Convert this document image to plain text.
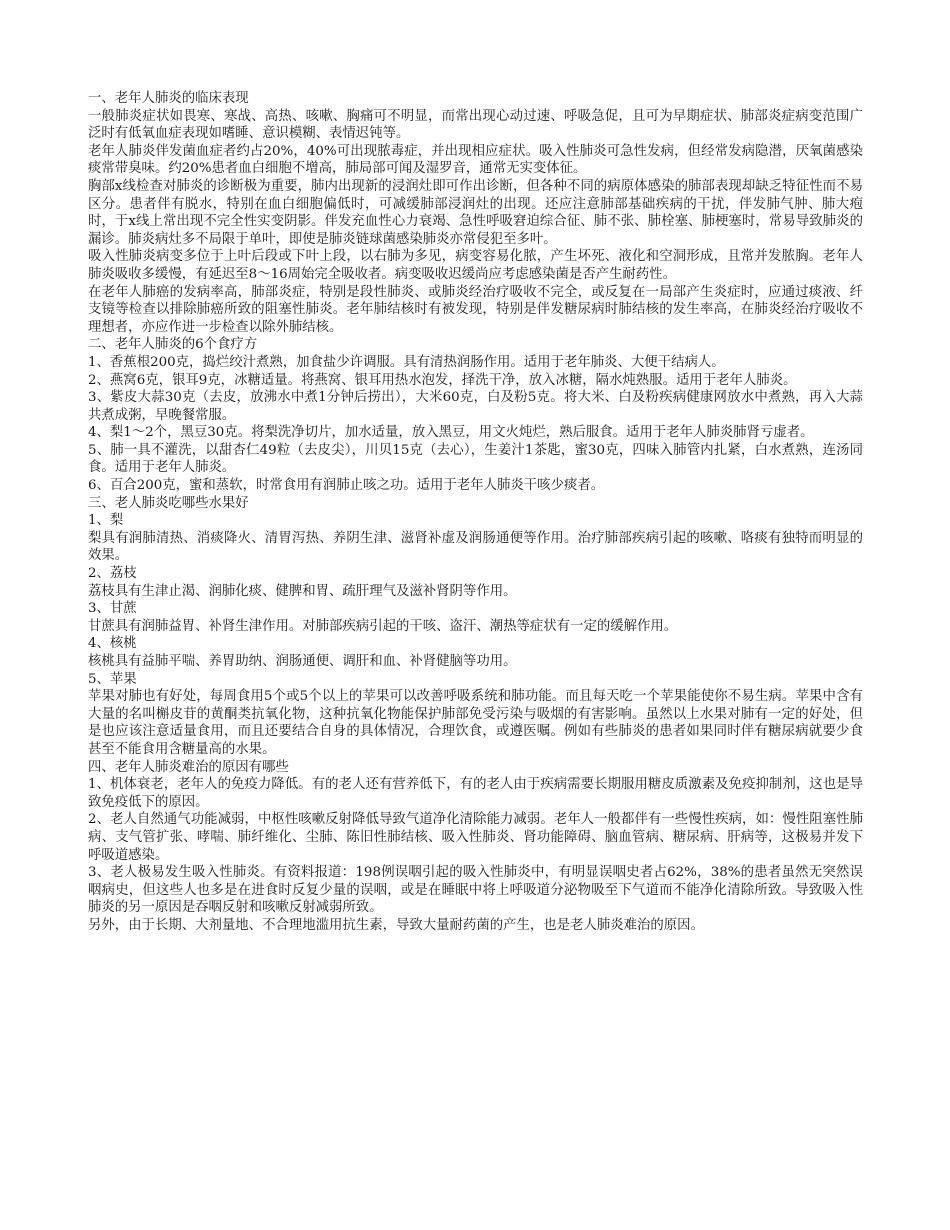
一、老年人肺炎的临床表现

一般肺炎症状如畏寒、寒战、高热、咳嗽、胸痛可不明显，而常出现心动过速、呼吸急促，且可为早期症状、肺部炎症病变范围广泛时有低氧血症表现如嗜睡、意识模糊、表情迟钝等。

老年人肺炎伴发菌血症者约占20%，40%可出现脓毒症，并出现相应症状。吸入性肺炎可急性发病，但经常发病隐潜，厌氧菌感染痰常带臭味。约20%患者血白细胞不增高，肺局部可闻及湿罗音，通常无实变体征。

胸部x线检查对肺炎的诊断极为重要，肺内出现新的浸润灶即可作出诊断，但各种不同的病原体感染的肺部表现却缺乏特征性而不易区分。患者伴有脱水，特别在血白细胞偏低时，可减缓肺部浸润灶的出现。还应注意肺部基础疾病的干扰，伴发肺气肿、肺大疱时，于x线上常出现不完全性实变阴影。伴发充血性心力衰竭、急性呼吸窘迫综合征、肺不张、肺栓塞、肺梗塞时，常易导致肺炎的漏诊。肺炎病灶多不局限于单叶，即使是肺炎链球菌感染肺炎亦常侵犯至多叶。

吸入性肺炎病变多位于上叶后段或下叶上段，以右肺为多见，病变容易化脓，产生坏死、液化和空洞形成，且常并发脓胸。老年人肺炎吸收多缓慢，有延迟至8～16周始完全吸收者。病变吸收迟缓尚应考虑感染菌是否产生耐药性。

在老年人肺癌的发病率高，肺部炎症，特别是段性肺炎、或肺炎经治疗吸收不完全，或反复在一局部产生炎症时，应通过痰液、纤支镜等检查以排除肺癌所致的阻塞性肺炎。老年肺结核时有被发现，特别是伴发糖尿病时肺结核的发生率高，在肺炎经治疗吸收不理想者，亦应作进一步检查以除外肺结核。

二、老年人肺炎的6个食疗方

1、香蕉根200克，捣烂绞汁煮熟，加食盐少许调服。具有清热润肠作用。适用于老年肺炎、大便干结病人。

2、燕窝6克，银耳9克，冰糖适量。将燕窝、银耳用热水泡发，择洗干净，放入冰糖，隔水炖熟服。适用于老年人肺炎。

3、紫皮大蒜30克（去皮，放沸水中煮1分钟后捞出），大米60克，白及粉5克。将大米、白及粉疾病健康网放水中煮熟，再入大蒜共煮成粥，早晚餐常服。

4、梨1～2个，黑豆30克。将梨洗净切片，加水适量，放入黑豆，用文火炖烂，熟后服食。适用于老年人肺炎肺肾亏虚者。

5、肺一具不灌洗，以甜杏仁49粒（去皮尖），川贝15克（去心），生姜汁1茶匙，蜜30克，四味入肺管内扎紧，白水煮熟，连汤同食。适用于老年人肺炎。

6、百合200克，蜜和蒸软，时常食用有润肺止咳之功。适用于老年人肺炎干咳少痰者。

三、老人肺炎吃哪些水果好

1、梨

梨具有润肺清热、消痰降火、清胃泻热、养阴生津、滋肾补虚及润肠通便等作用。治疗肺部疾病引起的咳嗽、咯痰有独特而明显的效果。

2、荔枝

荔枝具有生津止渴、润肺化痰、健脾和胃、疏肝理气及滋补肾阴等作用。

3、甘蔗

甘蔗具有润肺益胃、补肾生津作用。对肺部疾病引起的干咳、盗汗、潮热等症状有一定的缓解作用。

4、核桃

核桃具有益肺平喘、养胃助纳、润肠通便、调肝和血、补肾健脑等功用。

5、苹果

苹果对肺也有好处，每周食用5个或5个以上的苹果可以改善呼吸系统和肺功能。而且每天吃一个苹果能使你不易生病。苹果中含有大量的名叫槲皮苷的黄酮类抗氧化物，这种抗氧化物能保护肺部免受污染与吸烟的有害影响。虽然以上水果对肺有一定的好处，但是也应该注意适量食用，而且还要结合自身的具体情况，合理饮食，或遵医嘱。例如有些肺炎的患者如果同时伴有糖尿病就要少食甚至不能食用含糖量高的水果。

四、老年人肺炎难治的原因有哪些

1、机体衰老，老年人的免疫力降低。有的老人还有营养低下，有的老人由于疾病需要长期服用糖皮质激素及免疫抑制剂，这也是导致免疫低下的原因。

2、老人自然通气功能减弱，中枢性咳嗽反射降低导致气道净化清除能力减弱。老年人一般都伴有一些慢性疾病，如：慢性阻塞性肺病、支气管扩张、哮喘、肺纤维化、尘肺、陈旧性肺结核、吸入性肺炎、肾功能障碍、脑血管病、糖尿病、肝病等，这极易并发下呼吸道感染。

3、老人极易发生吸入性肺炎。有资料报道：198例误咽引起的吸入性肺炎中，有明显误咽史者占62%，38%的患者虽然无突然误咽病史，但这些人也多是在进食时反复少量的误咽，或是在睡眠中将上呼吸道分泌物吸至下气道而不能净化清除所致。导致吸入性肺炎的另一原因是吞咽反射和咳嗽反射减弱所致。

另外，由于长期、大剂量地、不合理地滥用抗生素，导致大量耐药菌的产生，也是老人肺炎难治的原因。
